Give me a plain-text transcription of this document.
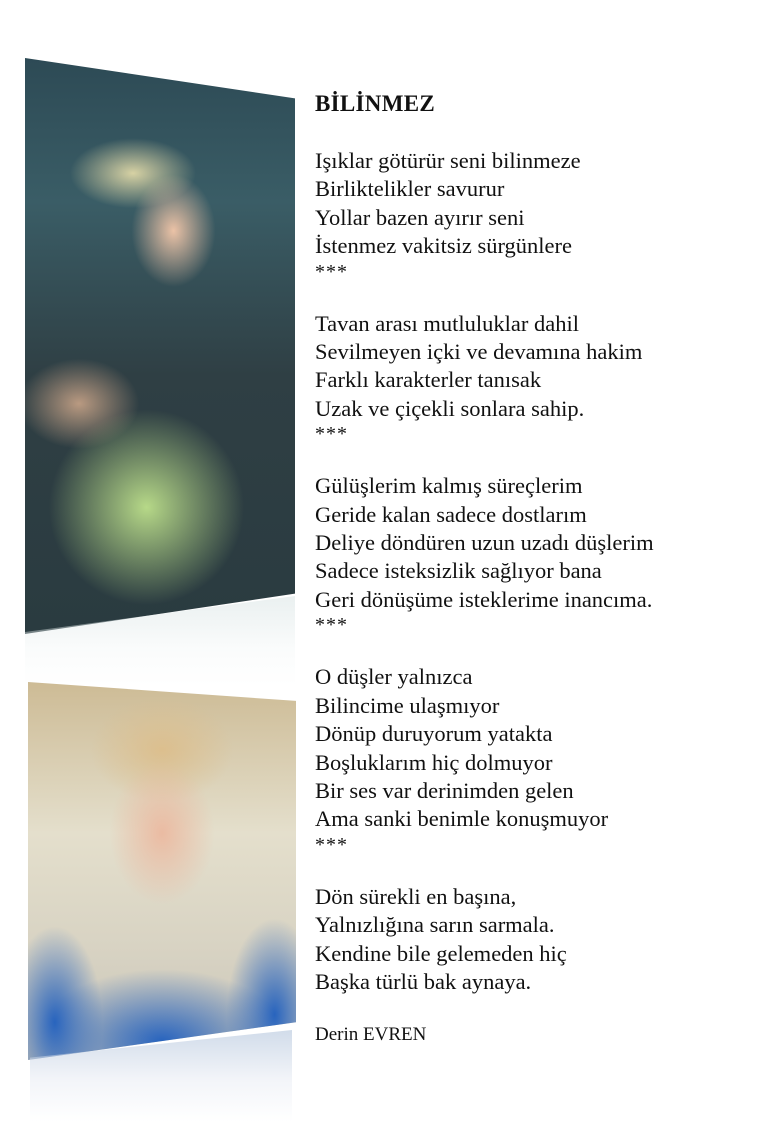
BİLİNMEZ
Işıklar götürür seni bilinmeze
Birliktelikler savurur
Yollar bazen ayırır seni
İstenmez vakitsiz sürgünlere
***
Tavan arası mutluluklar dahil
Sevilmeyen içki ve devamına hakim
Farklı karakterler tanısak
Uzak ve çiçekli sonlara sahip.
***
Gülüşlerim kalmış süreçlerim
Geride kalan sadece dostlarım
Deliye döndüren uzun uzadı düşlerim
Sadece isteksizlik sağlıyor bana
Geri dönüşüme isteklerime inancıma.
***
O düşler yalnızca
Bilincime ulaşmıyor
Dönüp duruyorum yatakta
Boşluklarım hiç dolmuyor
Bir ses var derinimden gelen
Ama sanki benimle konuşmuyor
***
Dön sürekli en başına,
Yalnızlığına sarın sarmala.
Kendine bile gelemeden hiç
Başka türlü bak aynaya.
Derin EVREN
